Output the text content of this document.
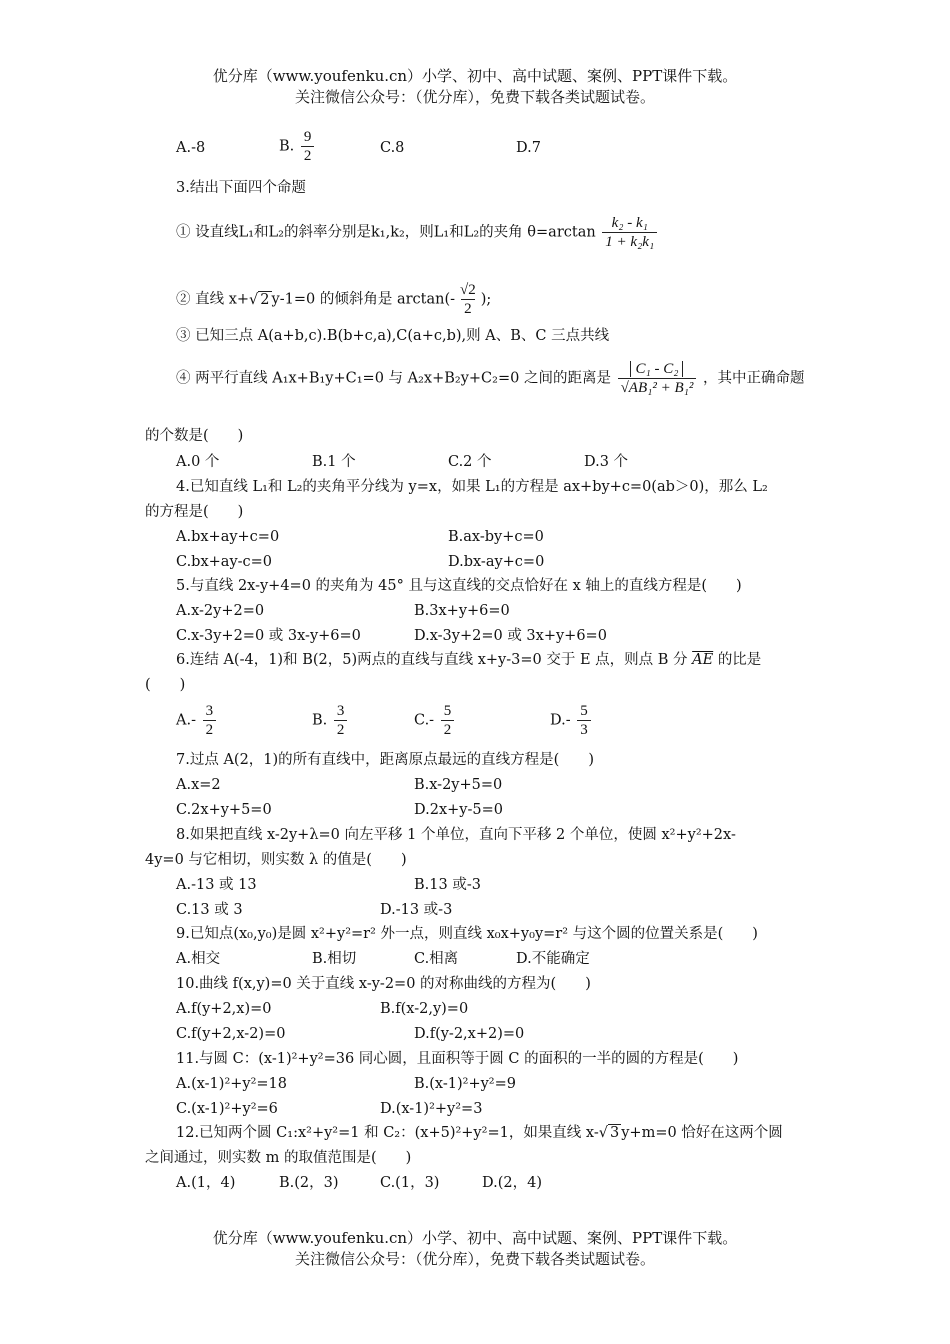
优分库（www.youfenku.cn）小学、初中、高中试题、案例、PPT课件下载。
关注微信公众号：（优分库），免费下载各类试题试卷。
A.-8	B. $\frac{9}{2}$	C.8	D.7
3.结出下面四个命题
① 设直线L₁和L₂的斜率分别是k₁,k₂，则L₁和L₂的夹角 $\theta=\arctan \frac{\text{k₂ - k₁}}{\text{1 + k₂k₁}}$
② 直线 x+√ 2 y-1=0 的倾斜角是 $\arctan(- \frac{√2}{2}$ );
③ 已知三点 A(a+b,c).B(b+c,a),C(a+c,b),则 A、B、C 三点共线
④ 两平行直线 A₁x+B₁y+C₁=0 与 A₂x+B₂y+C₂=0 之间的距离是 $\frac{\text{C₁ - C₂}}{\text{√AB₁² + B₁²}}$ ，其中正确命题
的个数是(　　)
A.0 个	B.1 个	C.2 个	D.3 个
4.已知直线 L₁和 L₂的夹角平分线为 y=x，如果 L₁的方程是 ax+by+c=0(ab＞0)，那么 L₂
的方程是(　　)
A.bx+ay+c=0	B.ax-by+c=0
C.bx+ay-c=0	D.bx-ay+c=0
5.与直线 2x-y+4=0 的夹角为 45° 且与这直线的交点恰好在 x 轴上的直线方程是(　　)
A.x-2y+2=0	B.3x+y+6=0
C.x-3y+2=0 或 3x-y+6=0	D.x-3y+2=0 或 3x+y+6=0
6.连结 A(-4，1)和 B(2，5)两点的直线与直线 x+y-3=0 交于 E 点，则点 B 分 $\overline{AE}$ 的比是
(　　)
$A.- \frac{3}{2}$	B. $\frac{3}{2}$	$C.- \frac{5}{2}$	$D.- \frac{5}{3}$
7.过点 A(2，1)的所有直线中，距离原点最远的直线方程是(　　)
A.x=2	B.x-2y+5=0
C.2x+y+5=0	D.2x+y-5=0
8.如果把直线 x-2y+λ=0 向左平移 1 个单位，直向下平移 2 个单位，使圆 x²+y²+2x-
4y=0 与它相切，则实数 λ 的值是(　　)
A.-13 或 13	B.13 或-3
C.13 或 3	D.-13 或-3
9.已知点(x₀,y₀)是圆 x²+y²=r² 外一点，则直线 x₀x+y₀y=r² 与这个圆的位置关系是(　　)
A.相交	B.相切	C.相离	D.不能确定
10.曲线 f(x,y)=0 关于直线 x-y-2=0 的对称曲线的方程为(　　)
A.f(y+2,x)=0	B.f(x-2,y)=0
C.f(y+2,x-2)=0	D.f(y-2,x+2)=0
11.与圆 C：(x-1)²+y²=36 同心圆，且面积等于圆 C 的面积的一半的圆的方程是(　　)
A.(x-1)²+y²=18	B.(x-1)²+y²=9
C.(x-1)²+y²=6	D.(x-1)²+y²=3
12.已知两个圆 C₁:x²+y²=1 和 C₂：(x+5)²+y²=1，如果直线 x-√ 3 y+m=0 恰好在这两个圆
之间通过，则实数 m 的取值范围是(　　)
A.(1，4)	B.(2，3)	C.(1，3)	D.(2，4)
优分库（www.youfenku.cn）小学、初中、高中试题、案例、PPT课件下载。
关注微信公众号：（优分库），免费下载各类试题试卷。
